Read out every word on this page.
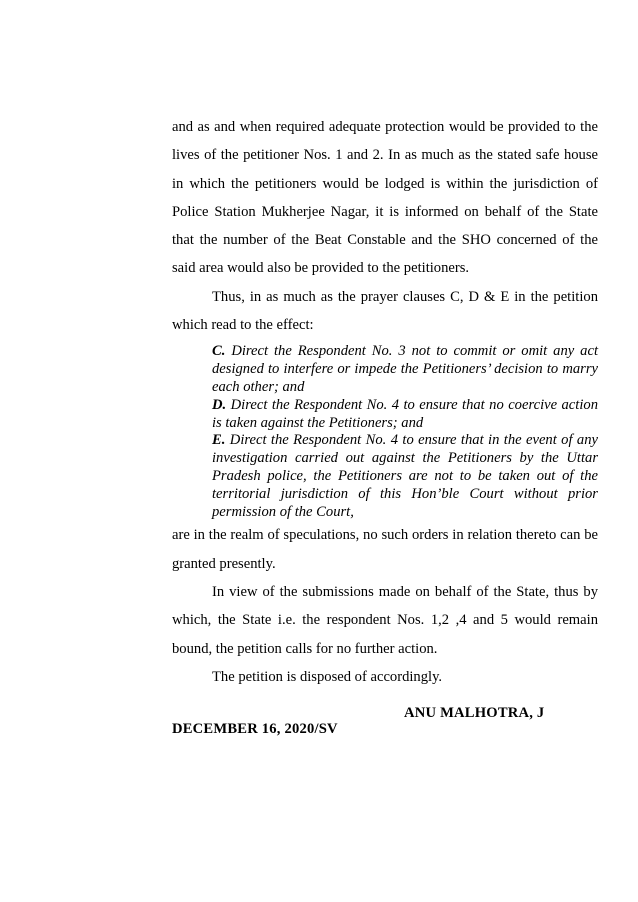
and as and when required adequate protection would be provided to the lives of the petitioner Nos. 1 and 2. In as much as the stated safe house in which the petitioners would be lodged is within the jurisdiction of Police Station Mukherjee Nagar, it is informed on behalf of the State that the number of the Beat Constable and the SHO concerned of the said area would also be provided to the petitioners.

Thus, in as much as the prayer clauses C, D & E in the petition which read to the effect:

C. Direct the Respondent No. 3 not to commit or omit any act designed to interfere or impede the Petitioners’ decision to marry each other; and

D. Direct the Respondent No. 4 to ensure that no coercive action is taken against the Petitioners; and

E. Direct the Respondent No. 4 to ensure that in the event of any investigation carried out against the Petitioners by the Uttar Pradesh police, the Petitioners are not to be taken out of the territorial jurisdiction of this Hon’ble Court without prior permission of the Court,

are in the realm of speculations, no such orders in relation thereto can be granted presently.

In view of the submissions made on behalf of the State, thus by which, the State i.e. the respondent Nos. 1,2 ,4 and 5 would remain bound, the petition calls for no further action.

The petition is disposed of accordingly.

ANU MALHOTRA, J
DECEMBER 16, 2020/SV
